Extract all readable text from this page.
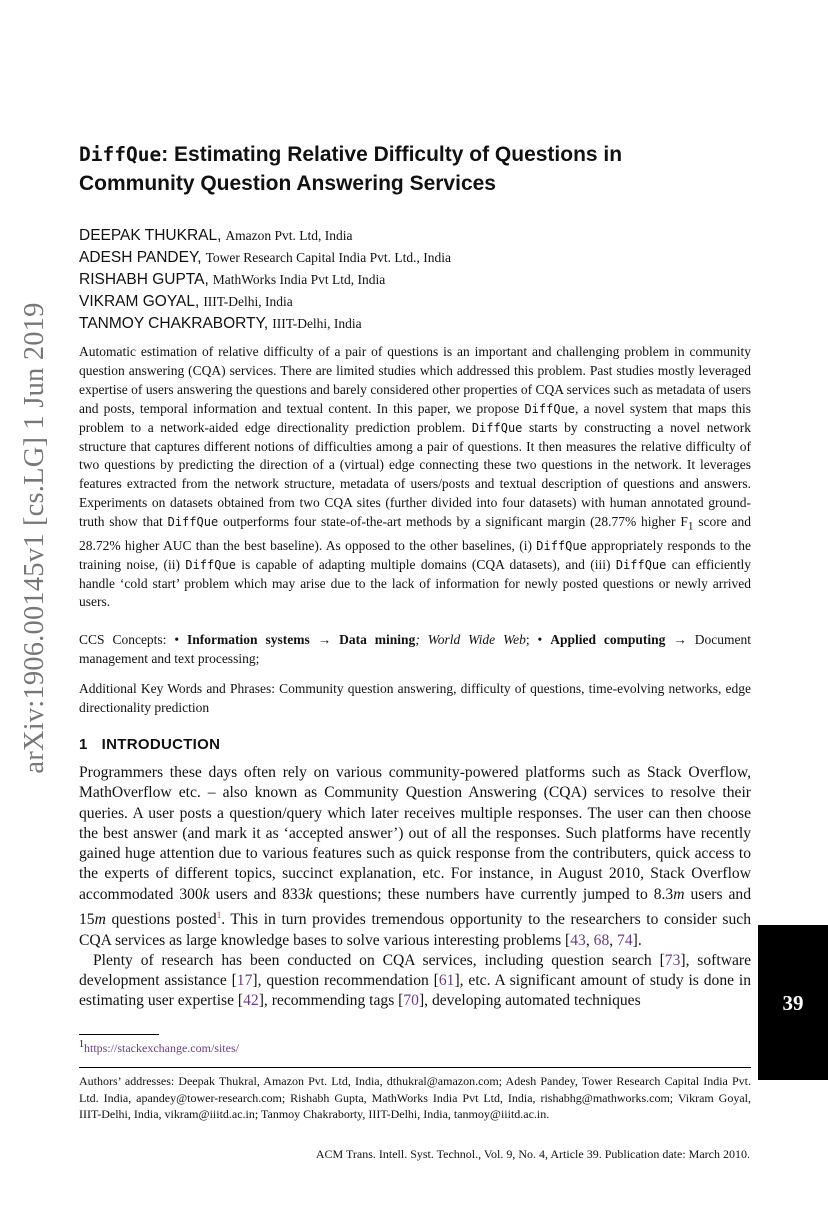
arXiv:1906.00145v1 [cs.LG] 1 Jun 2019
DiffQue: Estimating Relative Difficulty of Questions in
Community Question Answering Services
DEEPAK THUKRAL, Amazon Pvt. Ltd, India
ADESH PANDEY, Tower Research Capital India Pvt. Ltd., India
RISHABH GUPTA, MathWorks India Pvt Ltd, India
VIKRAM GOYAL, IIIT-Delhi, India
TANMOY CHAKRABORTY, IIIT-Delhi, India
Automatic estimation of relative difficulty of a pair of questions is an important and challenging problem in community question answering (CQA) services. There are limited studies which addressed this problem. Past studies mostly leveraged expertise of users answering the questions and barely considered other properties of CQA services such as metadata of users and posts, temporal information and textual content. In this paper, we propose DiffQue, a novel system that maps this problem to a network-aided edge directionality prediction problem. DiffQue starts by constructing a novel network structure that captures different notions of difficulties among a pair of questions. It then measures the relative difficulty of two questions by predicting the direction of a (virtual) edge connecting these two questions in the network. It leverages features extracted from the network structure, metadata of users/posts and textual description of questions and answers. Experiments on datasets obtained from two CQA sites (further divided into four datasets) with human annotated ground-truth show that DiffQue outperforms four state-of-the-art methods by a significant margin (28.77% higher $F_1$ score and 28.72% higher AUC than the best baseline). As opposed to the other baselines, (i) DiffQue appropriately responds to the training noise, (ii) DiffQue is capable of adapting multiple domains (CQA datasets), and (iii) DiffQue can efficiently handle ‘cold start’ problem which may arise due to the lack of information for newly posted questions or newly arrived users.
CCS Concepts: • Information systems → Data mining; World Wide Web; • Applied computing → Document management and text processing;
Additional Key Words and Phrases: Community question answering, difficulty of questions, time-evolving networks, edge directionality prediction
1 INTRODUCTION

Programmers these days often rely on various community-powered platforms such as Stack Overflow, MathOverflow etc. – also known as Community Question Answering (CQA) services to resolve their queries. A user posts a question/query which later receives multiple responses. The user can then choose the best answer (and mark it as ‘accepted answer’) out of all the responses. Such platforms have recently gained huge attention due to various features such as quick response from the contributers, quick access to the experts of different topics, succinct explanation, etc. For instance, in August 2010, Stack Overflow accommodated 300k users and 833k questions; these numbers have currently jumped to 8.3m users and 15m questions posted$^1$. This in turn provides tremendous opportunity to the researchers to consider such CQA services as large knowledge bases to solve various interesting problems [43, 68, 74].

Plenty of research has been conducted on CQA services, including question search [73], software development assistance [17], question recommendation [61], etc. A significant amount of study is done in estimating user expertise [42], recommending tags [70], developing automated techniques

$^1$https://stackexchange.com/sites/
Authors’ addresses: Deepak Thukral, Amazon Pvt. Ltd, India, dthukral@amazon.com; Adesh Pandey, Tower Research Capital India Pvt. Ltd. India, apandey@tower-research.com; Rishabh Gupta, MathWorks India Pvt Ltd, India, rishabhg@mathworks.com; Vikram Goyal, IIIT-Delhi, India, vikram@iiitd.ac.in; Tanmoy Chakraborty, IIIT-Delhi, India, tanmoy@iiitd.ac.in.
ACM Trans. Intell. Syst. Technol., Vol. 9, No. 4, Article 39. Publication date: March 2010.
39
